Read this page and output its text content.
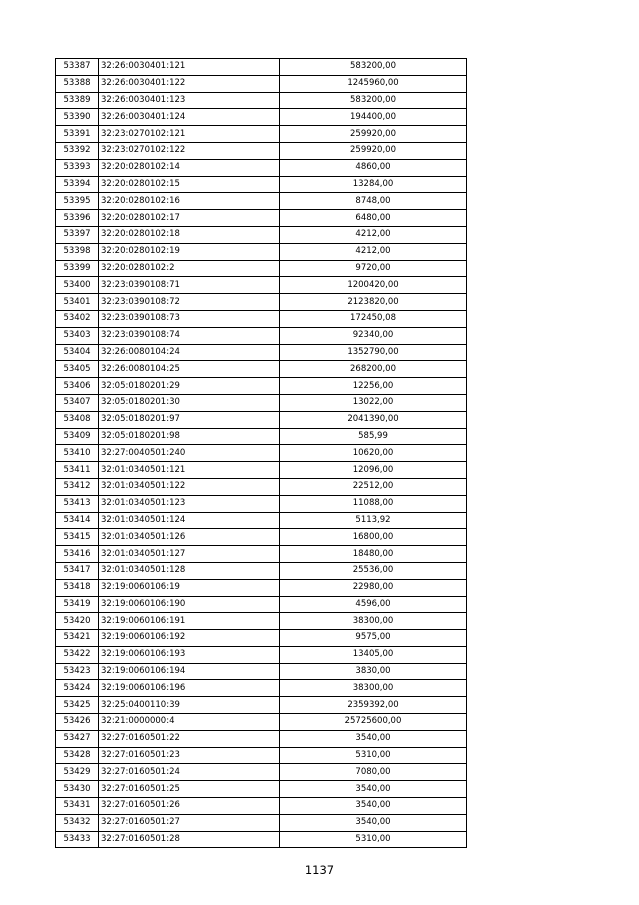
53387	32:26:0030401:121	583200,00
53388	32:26:0030401:122	1245960,00
53389	32:26:0030401:123	583200,00
53390	32:26:0030401:124	194400,00
53391	32:23:0270102:121	259920,00
53392	32:23:0270102:122	259920,00
53393	32:20:0280102:14	4860,00
53394	32:20:0280102:15	13284,00
53395	32:20:0280102:16	8748,00
53396	32:20:0280102:17	6480,00
53397	32:20:0280102:18	4212,00
53398	32:20:0280102:19	4212,00
53399	32:20:0280102:2	9720,00
53400	32:23:0390108:71	1200420,00
53401	32:23:0390108:72	2123820,00
53402	32:23:0390108:73	172450,08
53403	32:23:0390108:74	92340,00
53404	32:26:0080104:24	1352790,00
53405	32:26:0080104:25	268200,00
53406	32:05:0180201:29	12256,00
53407	32:05:0180201:30	13022,00
53408	32:05:0180201:97	2041390,00
53409	32:05:0180201:98	585,99
53410	32:27:0040501:240	10620,00
53411	32:01:0340501:121	12096,00
53412	32:01:0340501:122	22512,00
53413	32:01:0340501:123	11088,00
53414	32:01:0340501:124	5113,92
53415	32:01:0340501:126	16800,00
53416	32:01:0340501:127	18480,00
53417	32:01:0340501:128	25536,00
53418	32:19:0060106:19	22980,00
53419	32:19:0060106:190	4596,00
53420	32:19:0060106:191	38300,00
53421	32:19:0060106:192	9575,00
53422	32:19:0060106:193	13405,00
53423	32:19:0060106:194	3830,00
53424	32:19:0060106:196	38300,00
53425	32:25:0400110:39	2359392,00
53426	32:21:0000000:4	25725600,00
53427	32:27:0160501:22	3540,00
53428	32:27:0160501:23	5310,00
53429	32:27:0160501:24	7080,00
53430	32:27:0160501:25	3540,00
53431	32:27:0160501:26	3540,00
53432	32:27:0160501:27	3540,00
53433	32:27:0160501:28	5310,00
1137
